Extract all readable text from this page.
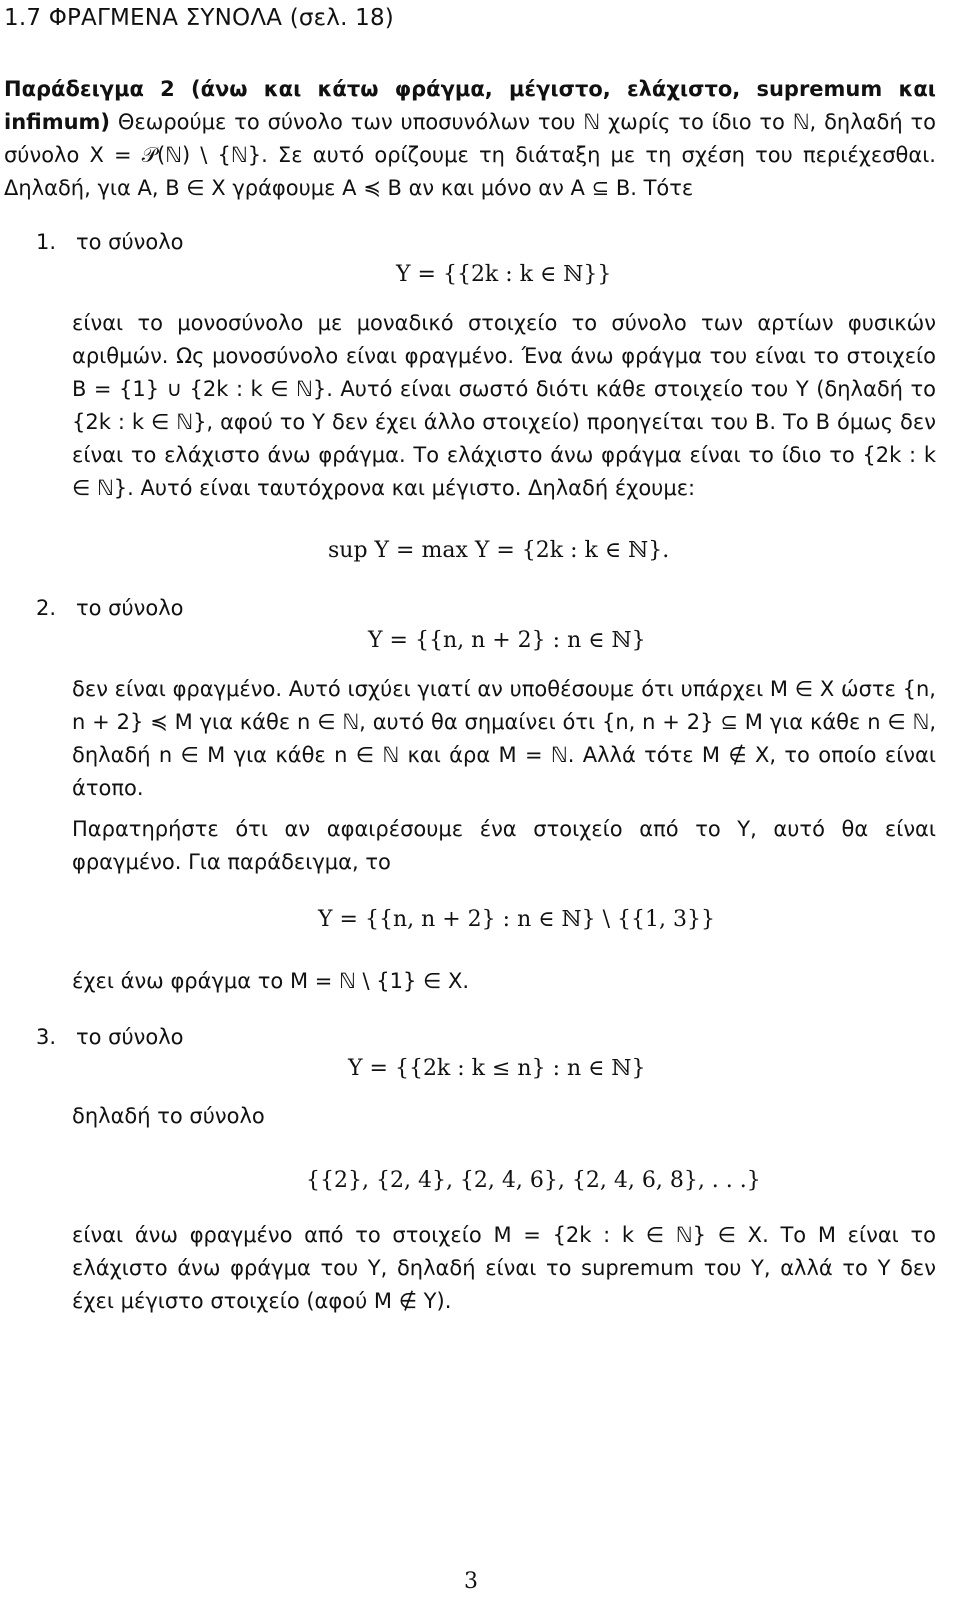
1.7 ΦΡΑΓΜΕΝΑ ΣΥΝΟΛΑ (σελ. 18)
Παράδειγμα 2 (άνω και κάτω φράγμα, μέγιστο, ελάχιστο, supremum και infimum) Θεωρούμε το σύνολο των υποσυνόλων του ℕ χωρίς το ίδιο το ℕ, δηλαδή το σύνολο X = 𝒫(ℕ) \ {ℕ}. Σε αυτό ορίζουμε τη διάταξη με τη σχέση του περιέχεσθαι. Δηλαδή, για A, B ∈ X γράφουμε A ≼ B αν και μόνο αν A ⊆ B. Τότε
1. το σύνολο
Y = {{2k : k ∈ ℕ}}
είναι το μονοσύνολο με μοναδικό στοιχείο το σύνολο των αρτίων φυσικών αριθμών. Ως μονοσύνολο είναι φραγμένο. Ένα άνω φράγμα του είναι το στοιχείο B = {1} ∪ {2k : k ∈ ℕ}. Αυτό είναι σωστό διότι κάθε στοιχείο του Y (δηλαδή το {2k : k ∈ ℕ}, αφού το Y δεν έχει άλλο στοιχείο) προηγείται του B. Το B όμως δεν είναι το ελάχιστο άνω φράγμα. Το ελάχιστο άνω φράγμα είναι το ίδιο το {2k : k ∈ ℕ}. Αυτό είναι ταυτόχρονα και μέγιστο. Δηλαδή έχουμε:
sup Y = max Y = {2k : k ∈ ℕ}.
2. το σύνολο
Y = {{n, n + 2} : n ∈ ℕ}
δεν είναι φραγμένο. Αυτό ισχύει γιατί αν υποθέσουμε ότι υπάρχει M ∈ X ώστε {n, n + 2} ≼ M για κάθε n ∈ ℕ, αυτό θα σημαίνει ότι {n, n + 2} ⊆ M για κάθε n ∈ ℕ, δηλαδή n ∈ M για κάθε n ∈ ℕ και άρα M = ℕ. Αλλά τότε M ∉ X, το οποίο είναι άτοπο.
Παρατηρήστε ότι αν αφαιρέσουμε ένα στοιχείο από το Y, αυτό θα είναι φραγμένο. Για παράδειγμα, το
Y = {{n, n + 2} : n ∈ ℕ} \ {{1, 3}}
έχει άνω φράγμα το M = ℕ \ {1} ∈ X.
3. το σύνολο
Y = {{2k : k ≤ n} : n ∈ ℕ}
δηλαδή το σύνολο
{{2}, {2, 4}, {2, 4, 6}, {2, 4, 6, 8}, . . .}
είναι άνω φραγμένο από το στοιχείο M = {2k : k ∈ ℕ} ∈ X. Το M είναι το ελάχιστο άνω φράγμα του Y, δηλαδή είναι το supremum του Y, αλλά το Y δεν έχει μέγιστο στοιχείο (αφού M ∉ Y).
3
